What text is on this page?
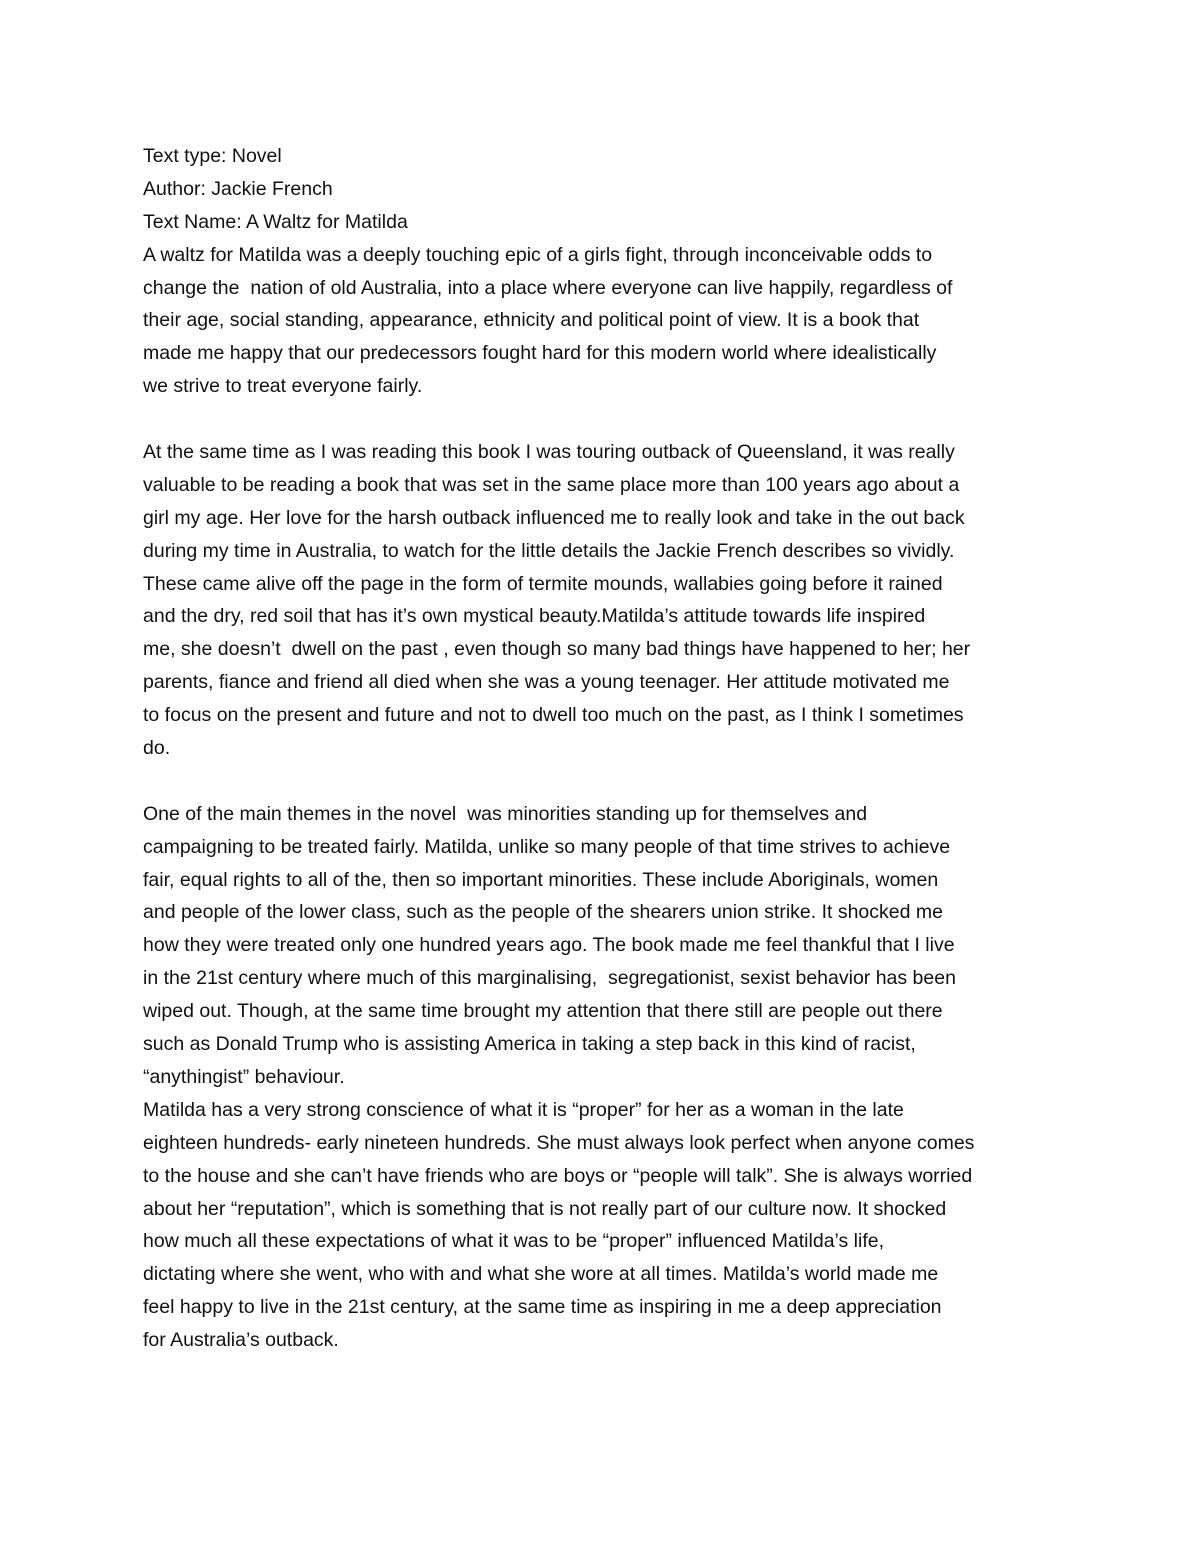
Text type: Novel
Author: Jackie French
Text Name: A Waltz for Matilda
A waltz for Matilda was a deeply touching epic of a girls fight, through inconceivable odds to
change the  nation of old Australia, into a place where everyone can live happily, regardless of
their age, social standing, appearance, ethnicity and political point of view. It is a book that
made me happy that our predecessors fought hard for this modern world where idealistically
we strive to treat everyone fairly.
At the same time as I was reading this book I was touring outback of Queensland, it was really
valuable to be reading a book that was set in the same place more than 100 years ago about a
girl my age. Her love for the harsh outback influenced me to really look and take in the out back
during my time in Australia, to watch for the little details the Jackie French describes so vividly.
These came alive off the page in the form of termite mounds, wallabies going before it rained
and the dry, red soil that has it’s own mystical beauty.Matilda’s attitude towards life inspired
me, she doesn’t  dwell on the past , even though so many bad things have happened to her; her
parents, fiance and friend all died when she was a young teenager. Her attitude motivated me
to focus on the present and future and not to dwell too much on the past, as I think I sometimes
do.
One of the main themes in the novel  was minorities standing up for themselves and
campaigning to be treated fairly. Matilda, unlike so many people of that time strives to achieve
fair, equal rights to all of the, then so important minorities. These include Aboriginals, women
and people of the lower class, such as the people of the shearers union strike. It shocked me
how they were treated only one hundred years ago. The book made me feel thankful that I live
in the 21st century where much of this marginalising,  segregationist, sexist behavior has been
wiped out. Though, at the same time brought my attention that there still are people out there
such as Donald Trump who is assisting America in taking a step back in this kind of racist,
“anythingist” behaviour.
Matilda has a very strong conscience of what it is “proper” for her as a woman in the late
eighteen hundreds- early nineteen hundreds. She must always look perfect when anyone comes
to the house and she can’t have friends who are boys or “people will talk”. She is always worried
about her “reputation”, which is something that is not really part of our culture now. It shocked
how much all these expectations of what it was to be “proper” influenced Matilda’s life,
dictating where she went, who with and what she wore at all times. Matilda’s world made me
feel happy to live in the 21st century, at the same time as inspiring in me a deep appreciation
for Australia’s outback.
